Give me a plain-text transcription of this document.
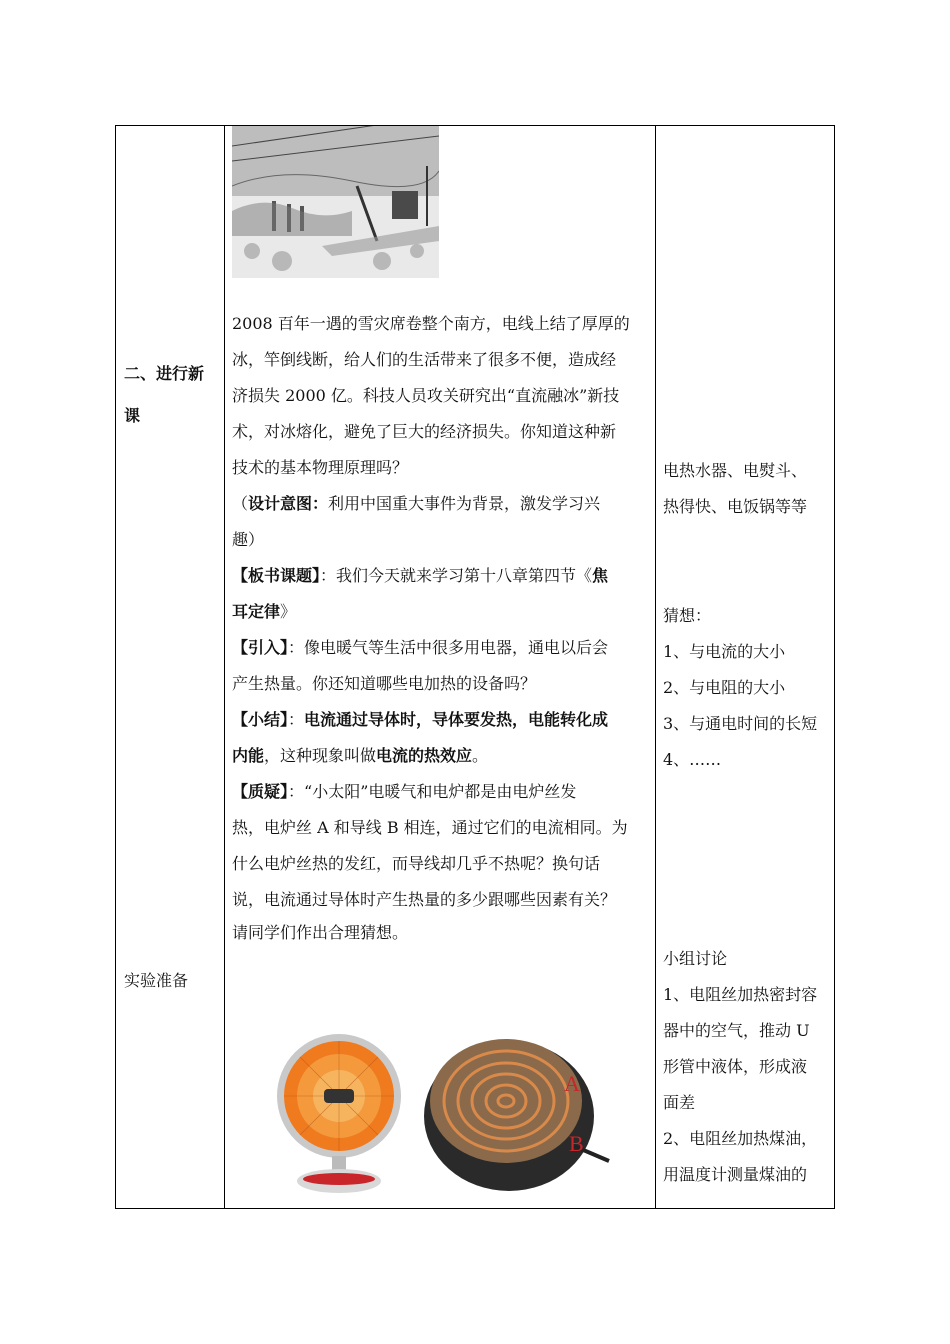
二、进行新
课
实验准备
2008 百年一遇的雪灾席卷整个南方，电线上结了厚厚的
冰，竿倒线断，给人们的生活带来了很多不便，造成经
济损失 2000 亿。科技人员攻关研究出“直流融冰”新技
术，对冰熔化，避免了巨大的经济损失。你知道这种新
技术的基本物理原理吗？
（设计意图：利用中国重大事件为背景，激发学习兴
趣）
【板书课题】：我们今天就来学习第十八章第四节《焦
耳定律》
【引入】：像电暖气等生活中很多用电器，通电以后会
产生热量。你还知道哪些电加热的设备吗？
【小结】：电流通过导体时，导体要发热，电能转化成
内能，这种现象叫做电流的热效应。
【质疑】：“小太阳”电暖气和电炉都是由电炉丝发
热，电炉丝 A 和导线 B 相连，通过它们的电流相同。为
什么电炉丝热的发红，而导线却几乎不热呢？换句话
说，电流通过导体时产生热量的多少跟哪些因素有关？
请同学们作出合理猜想。
A
B
电热水器、电熨斗、
热得快、电饭锅等等
猜想：
1、与电流的大小
2、与电阻的大小
3、与通电时间的长短
4、……
小组讨论
1、电阻丝加热密封容
器中的空气，推动 U
形管中液体，形成液
面差
2、电阻丝加热煤油，
用温度计测量煤油的
